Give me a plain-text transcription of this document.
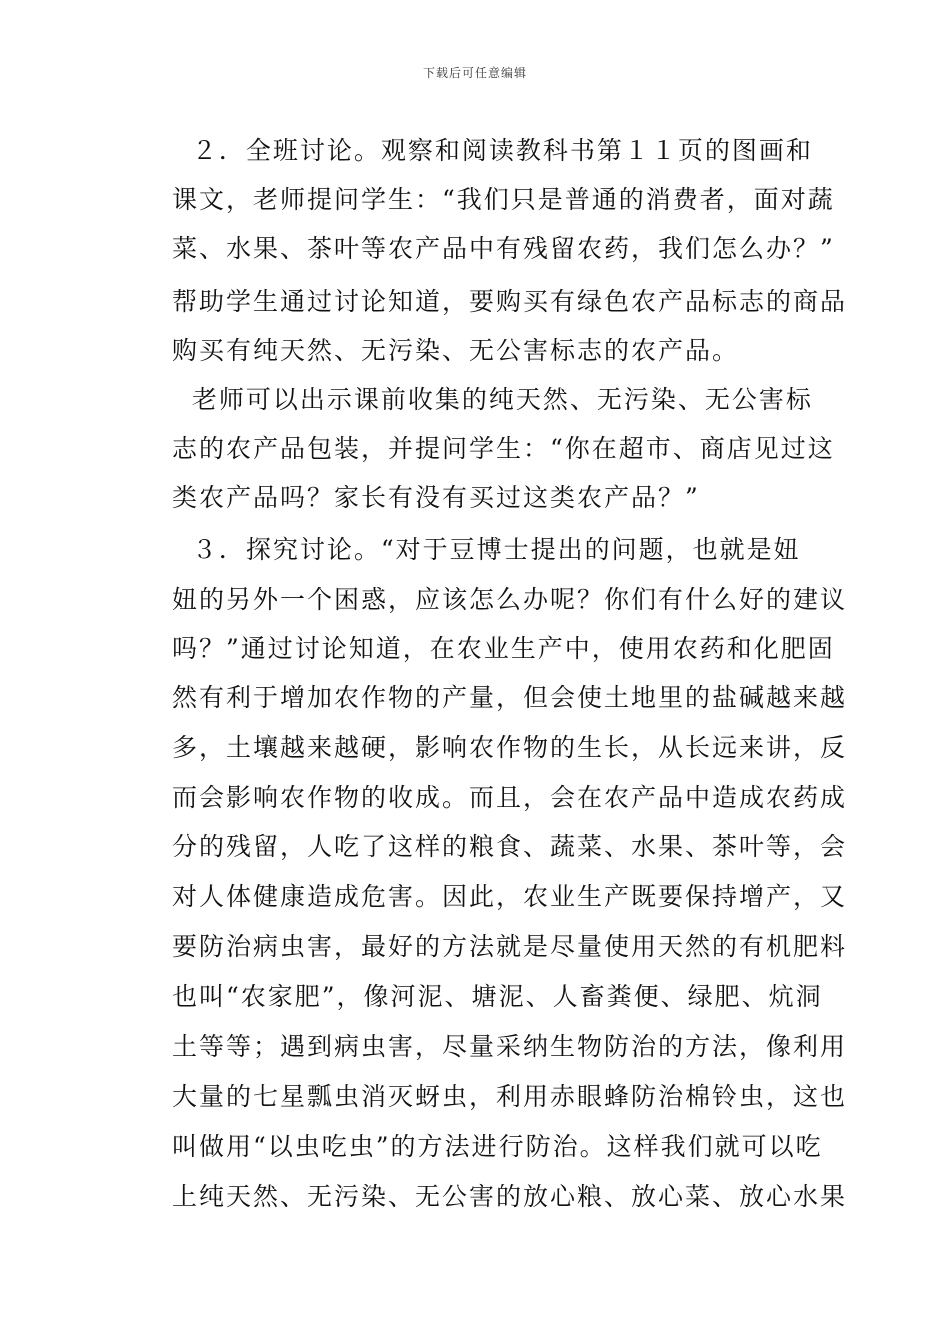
下载后可任意编辑
２．全班讨论。观察和阅读教科书第１１页的图画和
课文，老师提问学生：“我们只是普通的消费者，面对蔬
菜、水果、茶叶等农产品中有残留农药，我们怎么办？”
帮助学生通过讨论知道，要购买有绿色农产品标志的商品
购买有纯天然、无污染、无公害标志的农产品。
老师可以出示课前收集的纯天然、无污染、无公害标
志的农产品包装，并提问学生：“你在超市、商店见过这
类农产品吗？家长有没有买过这类农产品？”
３．探究讨论。“对于豆博士提出的问题，也就是妞
妞的另外一个困惑，应该怎么办呢？你们有什么好的建议
吗？”通过讨论知道，在农业生产中，使用农药和化肥固
然有利于增加农作物的产量，但会使土地里的盐碱越来越
多，土壤越来越硬，影响农作物的生长，从长远来讲，反
而会影响农作物的收成。而且，会在农产品中造成农药成
分的残留，人吃了这样的粮食、蔬菜、水果、茶叶等，会
对人体健康造成危害。因此，农业生产既要保持增产，又
要防治病虫害，最好的方法就是尽量使用天然的有机肥料
也叫“农家肥”，像河泥、塘泥、人畜粪便、绿肥、炕洞
土等等；遇到病虫害，尽量采纳生物防治的方法，像利用
大量的七星瓢虫消灭蚜虫，利用赤眼蜂防治棉铃虫，这也
叫做用“以虫吃虫”的方法进行防治。这样我们就可以吃
上纯天然、无污染、无公害的放心粮、放心菜、放心水果
